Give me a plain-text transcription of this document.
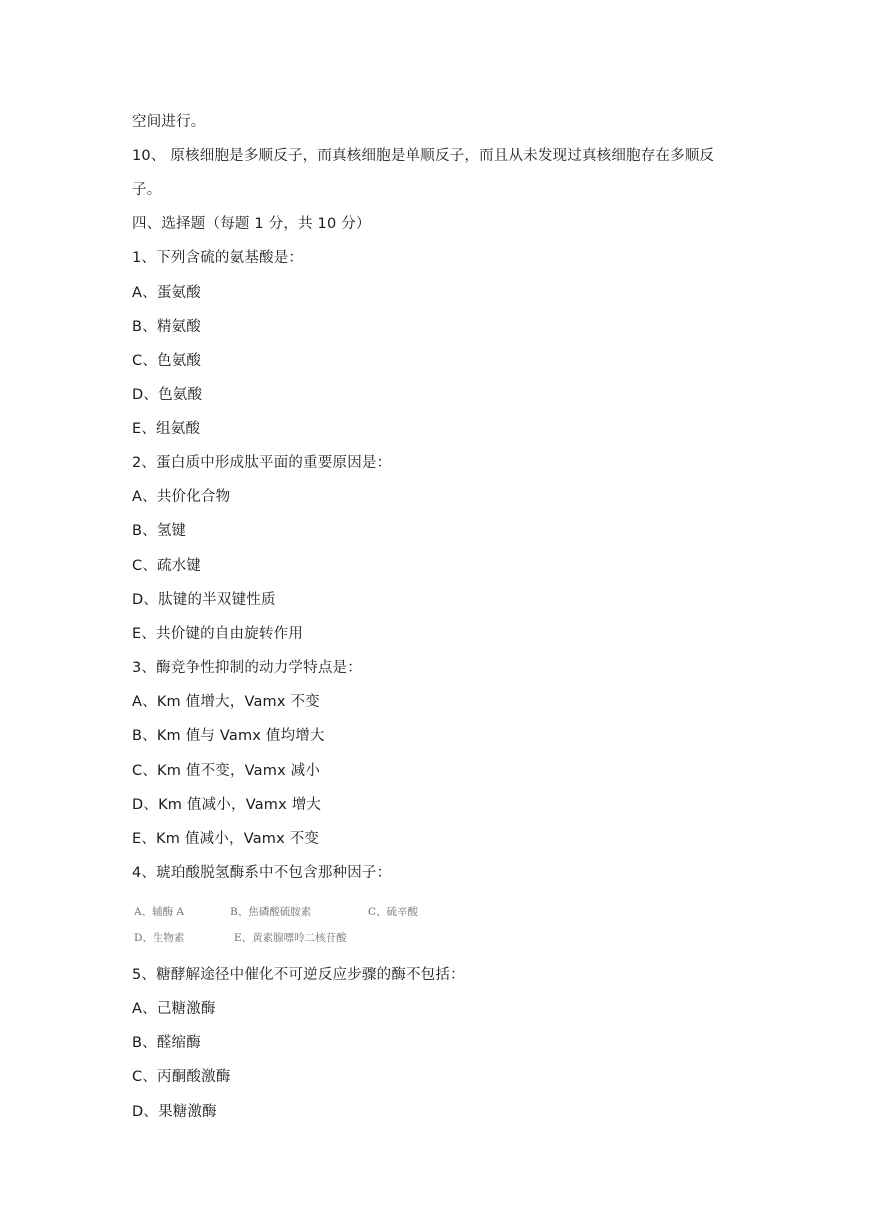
空间进行。
10、 原核细胞是多顺反子，而真核细胞是单顺反子，而且从未发现过真核细胞存在多顺反
子。
四、选择题（每题 1 分，共 10 分）
1、下列含硫的氨基酸是：
A、蛋氨酸
B、精氨酸
C、色氨酸
D、色氨酸
E、组氨酸
2、蛋白质中形成肽平面的重要原因是：
A、共价化合物
B、氢键
C、疏水键
D、肽键的半双键性质
E、共价键的自由旋转作用
3、酶竞争性抑制的动力学特点是：
A、Km 值增大，Vamx 不变
B、Km 值与 Vamx 值均增大
C、Km 值不变，Vamx 减小
D、Km 值减小，Vamx 增大
E、Km 值减小，Vamx 不变
4、琥珀酸脱氢酶系中不包含那种因子：
A、辅酶 A	B、焦磷酸硫胺素	C、硫辛酸
D、生物素	E、黄素腺嘌呤二核苷酸
5、糖酵解途径中催化不可逆反应步骤的酶不包括：
A、己糖激酶
B、醛缩酶
C、丙酮酸激酶
D、果糖激酶
